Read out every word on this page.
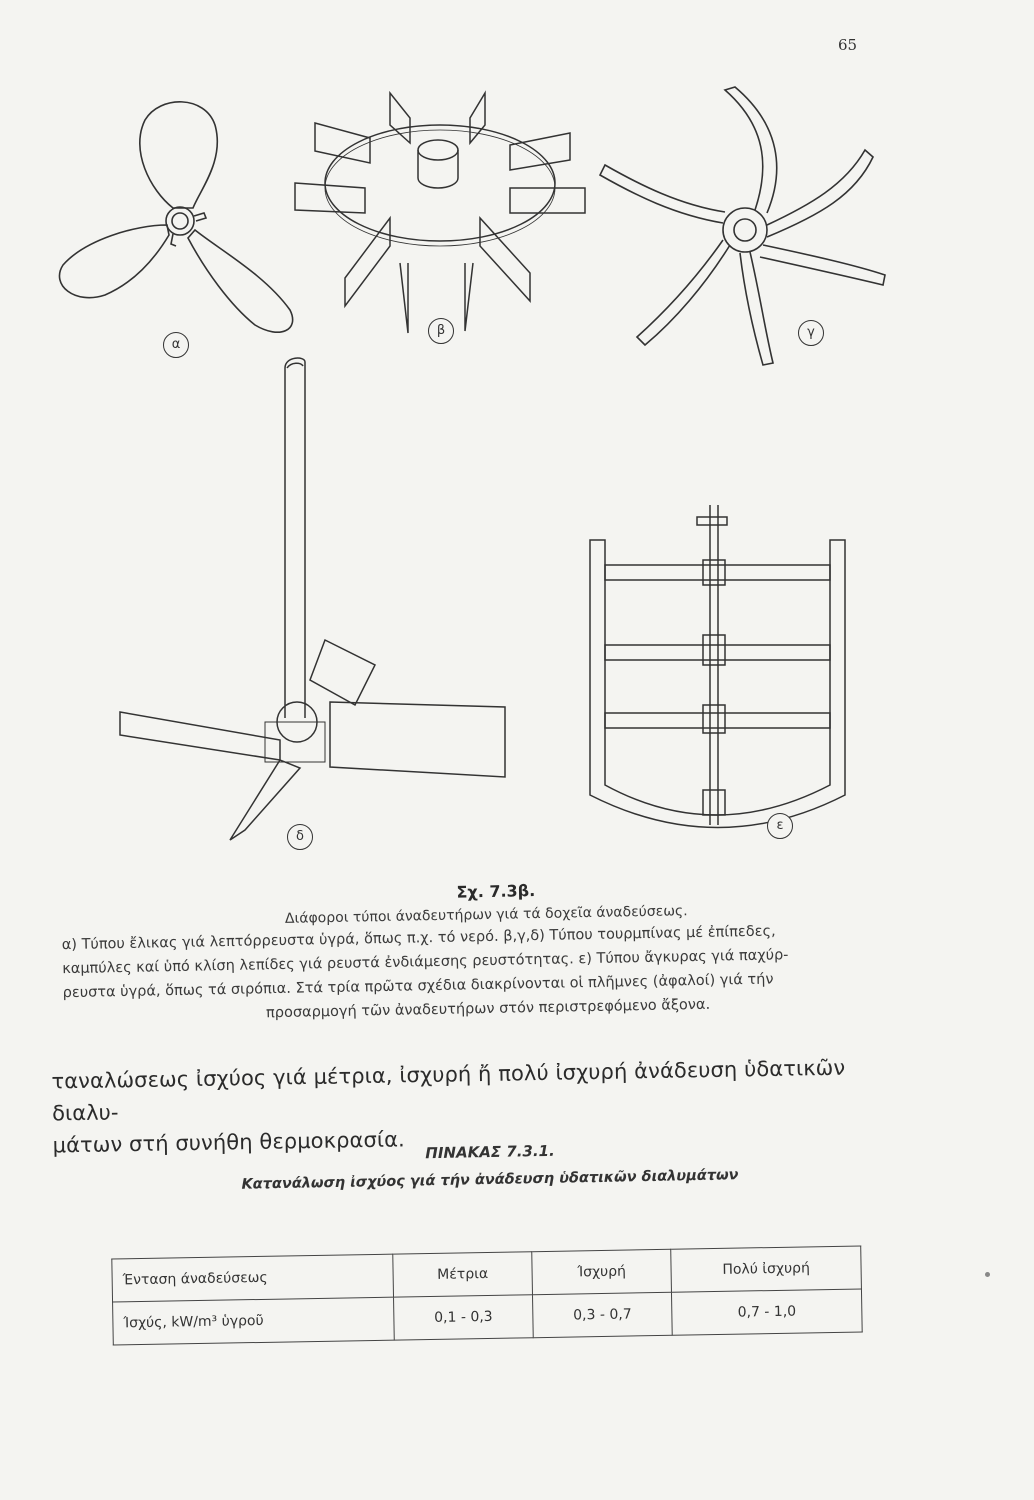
65
α
β	γ
δ
ε
Σχ. 7.3β.
Διάφοροι τύποι άναδευτήρων γιά τά δοχεῖα άναδεύσεως.
α) Τύπου ἔλικας γιά λεπτόρρευστα ὑγρά, ὅπως π.χ. τό νερό. β,γ,δ) Τύπου τουρμπίνας μέ ἐπίπεδες,
καμπύλες καί ὑπό κλίση λεπίδες γιά ρευστά ἐνδιάμεσης ρευστότητας. ε) Τύπου ἄγκυρας γιά παχύρ-
ρευστα ὑγρά, ὅπως τά σιρόπια. Στά τρία πρῶτα σχέδια διακρίνονται οἱ πλῆμνες (ἀφαλοί) γιά τήν
προσαρμογή τῶν ἀναδευτήρων στόν περιστρεφόμενο ἄξονα.
ταναλώσεως ἰσχύος γιά μέτρια, ἰσχυρή ἤ πολύ ἰσχυρή ἀνάδευση ὑδατικῶν διαλυ-
μάτων στή συνήθη θερμοκρασία.	ΠΙΝΑΚΑΣ 7.3.1.
Κατανάλωση ἰσχύος γιά τήν ἀνάδευση ὑδατικῶν διαλυμάτων
Ένταση άναδεύσεως	Μέτρια	Ίσχυρή	Πολύ ἰσχυρή
Ίσχύς, kW/m³ ὑγροῦ	0,1 - 0,3	0,3 - 0,7	0,7 - 1,0
